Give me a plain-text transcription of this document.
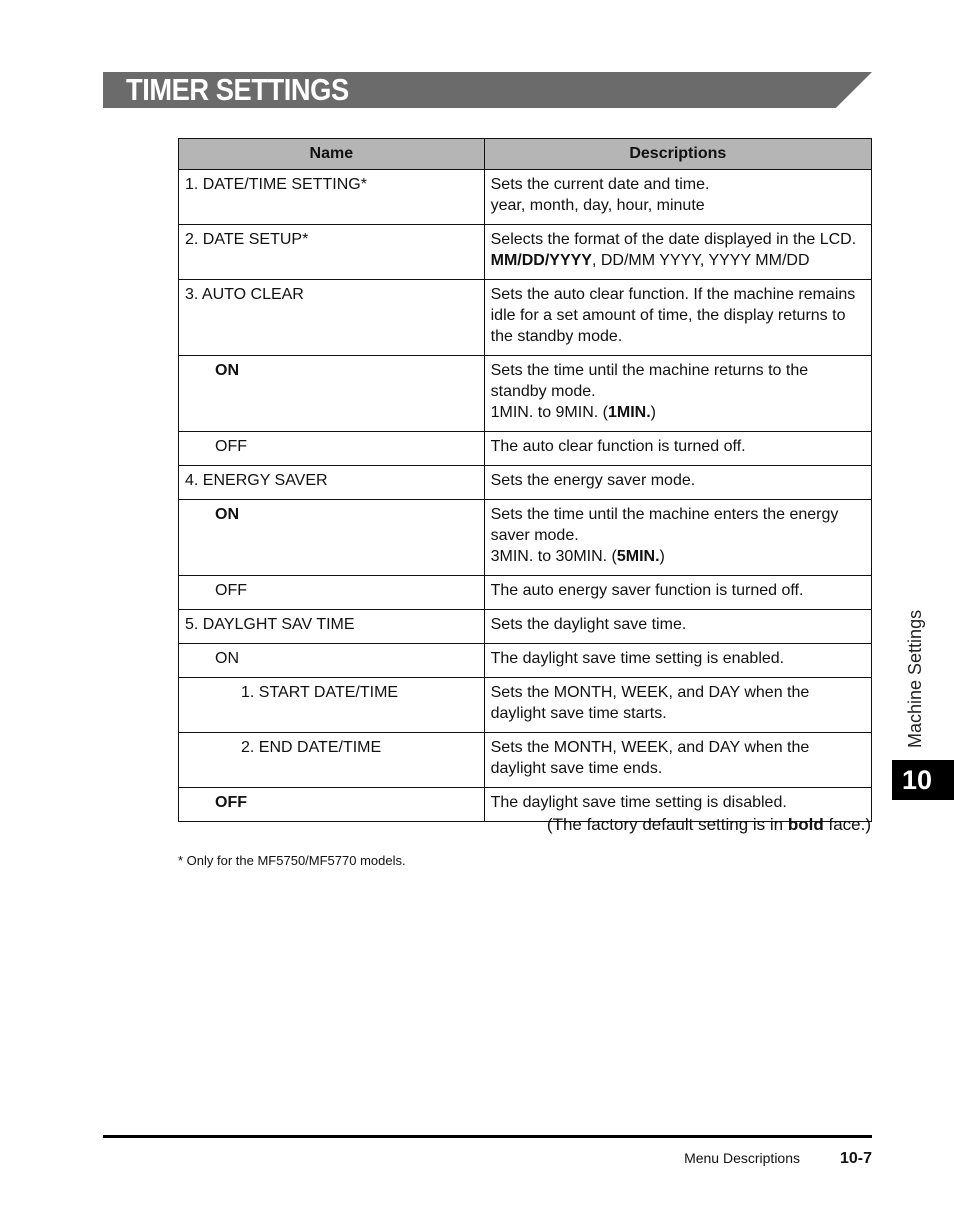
TIMER SETTINGS
Name	Descriptions
1. DATE/TIME SETTING*	Sets the current date and time.
year, month, day, hour, minute

2. DATE SETUP*	Selects the format of the date displayed in the LCD.
MM/DD/YYYY, DD/MM YYYY, YYYY MM/DD

3. AUTO CLEAR	Sets the auto clear function. If the machine remains idle for a set amount of time, the display returns to the standby mode.
ON	Sets the time until the machine returns to the standby mode.
1MIN. to 9MIN. (1MIN.)

OFF	The auto clear function is turned off.
4. ENERGY SAVER	Sets the energy saver mode.
ON	Sets the time until the machine enters the energy saver mode.
3MIN. to 30MIN. (5MIN.)

OFF	The auto energy saver function is turned off.
5. DAYLGHT SAV TIME	Sets the daylight save time.
ON	The daylight save time setting is enabled.
1. START DATE/TIME	Sets the MONTH, WEEK, and DAY when the daylight save time starts.
2. END DATE/TIME	Sets the MONTH, WEEK, and DAY when the daylight save time ends.
OFF	The daylight save time setting is disabled.
(The factory default setting is in bold face.)
* Only for the MF5750/MF5770 models.
Machine Settings
10
Menu Descriptions 10-7
